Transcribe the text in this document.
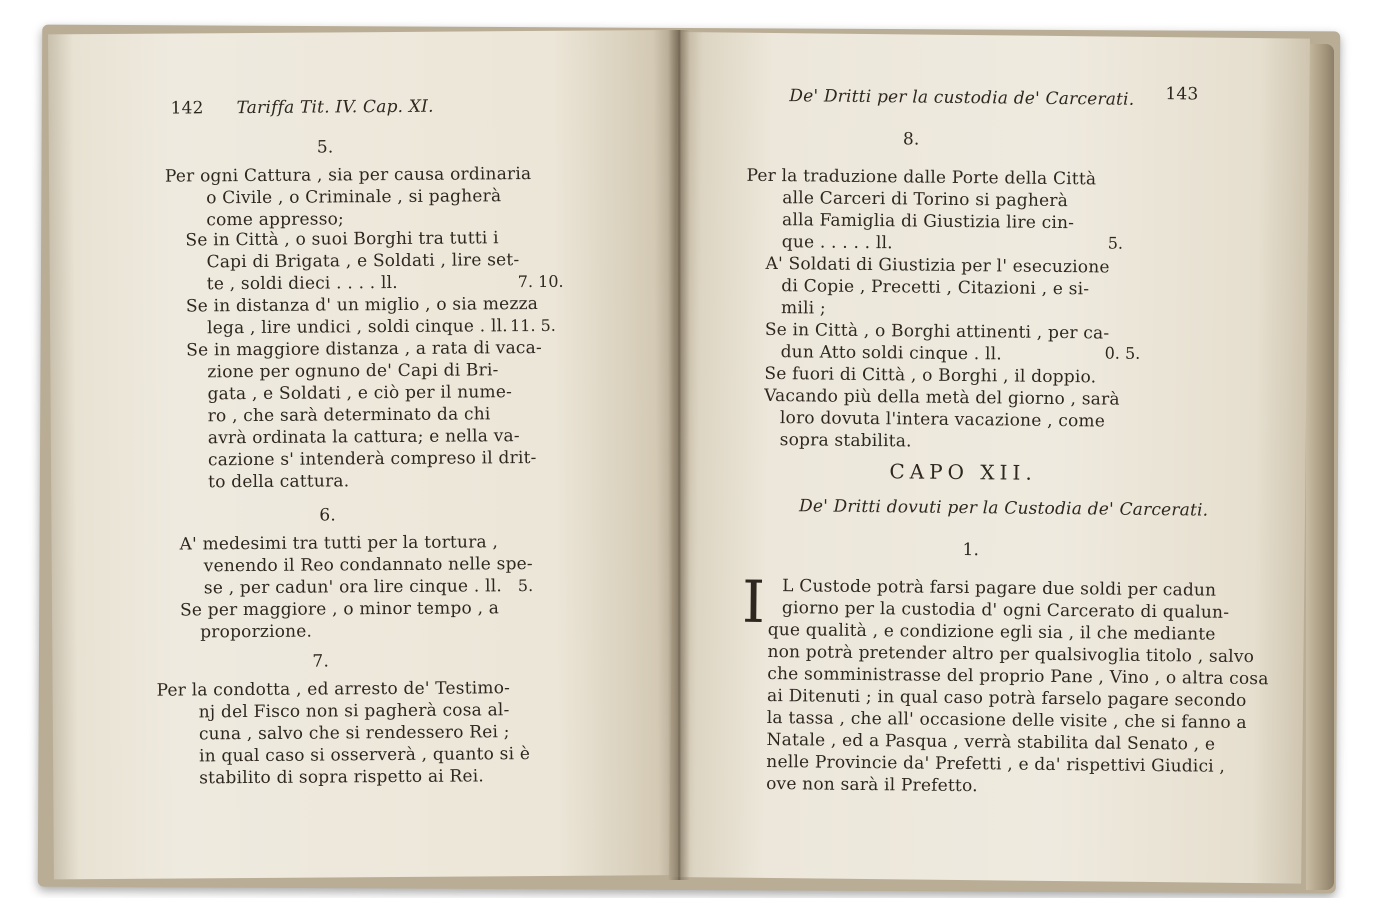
142 Tariffa Tit. IV. Cap. XI.
5.
Per ogni Cattura , sia per causa ordinaria
o Civile , o Criminale , si pagherà
come appresso;
Se in Città , o suoi Borghi tra tutti i
Capi di Brigata , e Soldati , lire set-
te , soldi dieci . . . . ll.	7. 10.
Se in distanza d' un miglio , o sia mezza
lega , lire undici , soldi cinque . ll. 11. 5.
Se in maggiore distanza , a rata di vaca-
zione per ognuno de' Capi di Bri-
gata , e Soldati , e ciò per il nume-
ro , che sarà determinato da chi
avrà ordinata la cattura; e nella va-
cazione s' intenderà compreso il drit-
to della cattura.
6.
A' medesimi tra tutti per la tortura ,
venendo il Reo condannato nelle spe-
se , per cadun' ora lire cinque . ll. 5.
Se per maggiore , o minor tempo , a
proporzione.
7.
Per la condotta , ed arresto de' Testimo-
nj del Fisco non si pagherà cosa al-
cuna , salvo che si rendessero Rei ;
in qual caso si osserverà , quanto si è
stabilito di sopra rispetto ai Rei.
De' Dritti per la custodia de' Carcerati. 143
8.
Per la traduzione dalle Porte della Città
alle Carceri di Torino si pagherà
alla Famiglia di Giustizia lire cin-
que . . . . . ll.	5.
A' Soldati di Giustizia per l' esecuzione
di Copie , Precetti , Citazioni , e si-
mili ;
Se in Città , o Borghi attinenti , per ca-
dun Atto soldi cinque . ll.	0. 5.
Se fuori di Città , o Borghi , il doppio.
Vacando più della metà del giorno , sarà
loro dovuta l'intera vacazione , come
sopra stabilita.
CAPO XII.
De' Dritti dovuti per la Custodia de' Carcerati.
1.
I L Custode potrà farsi pagare due soldi per cadun
giorno per la custodia d' ogni Carcerato di qualun-
que qualità , e condizione egli sia , il che mediante
non potrà pretender altro per qualsivoglia titolo , salvo
che somministrasse del proprio Pane , Vino , o altra cosa
ai Ditenuti ; in qual caso potrà farselo pagare secondo
la tassa , che all' occasione delle visite , che si fanno a
Natale , ed a Pasqua , verrà stabilita dal Senato , e
nelle Provincie da' Prefetti , e da' rispettivi Giudici ,
ove non sarà il Prefetto.
